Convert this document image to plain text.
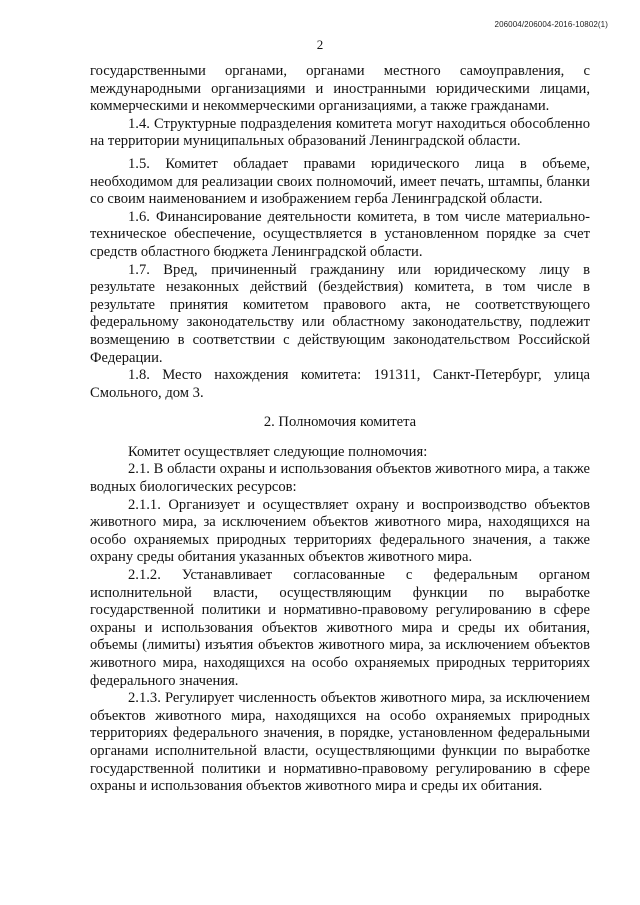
206004/206004-2016-10802(1)
2

государственными органами, органами местного самоуправления, с международными организациями и иностранными юридическими лицами, коммерческими и некоммерческими организациями, а также гражданами.

1.4. Структурные подразделения комитета могут находиться обособленно на территории муниципальных образований Ленинградской области.

1.5. Комитет обладает правами юридического лица в объеме, необходимом для реализации своих полномочий, имеет печать, штампы, бланки со своим наименованием и изображением герба Ленинградской области.

1.6. Финансирование деятельности комитета, в том числе материально-техническое обеспечение, осуществляется в установленном порядке за счет средств областного бюджета Ленинградской области.

1.7. Вред, причиненный гражданину или юридическому лицу в результате незаконных действий (бездействия) комитета, в том числе в результате принятия комитетом правового акта, не соответствующего федеральному законодательству или областному законодательству, подлежит возмещению в соответствии с действующим законодательством Российской Федерации.

1.8. Место нахождения комитета: 191311, Санкт-Петербург, улица Смольного, дом 3.

2. Полномочия комитета

Комитет осуществляет следующие полномочия:

2.1. В области охраны и использования объектов животного мира, а также водных биологических ресурсов:

2.1.1. Организует и осуществляет охрану и воспроизводство объектов животного мира, за исключением объектов животного мира, находящихся на особо охраняемых природных территориях федерального значения, а также охрану среды обитания указанных объектов животного мира.

2.1.2. Устанавливает согласованные с федеральным органом исполнительной власти, осуществляющим функции по выработке государственной политики и нормативно-правовому регулированию в сфере охраны и использования объектов животного мира и среды их обитания, объемы (лимиты) изъятия объектов животного мира, за исключением объектов животного мира, находящихся на особо охраняемых природных территориях федерального значения.

2.1.3. Регулирует численность объектов животного мира, за исключением объектов животного мира, находящихся на особо охраняемых природных территориях федерального значения, в порядке, установленном федеральными органами исполнительной власти, осуществляющими функции по выработке государственной политики и нормативно-правовому регулированию в сфере охраны и использования объектов животного мира и среды их обитания.
